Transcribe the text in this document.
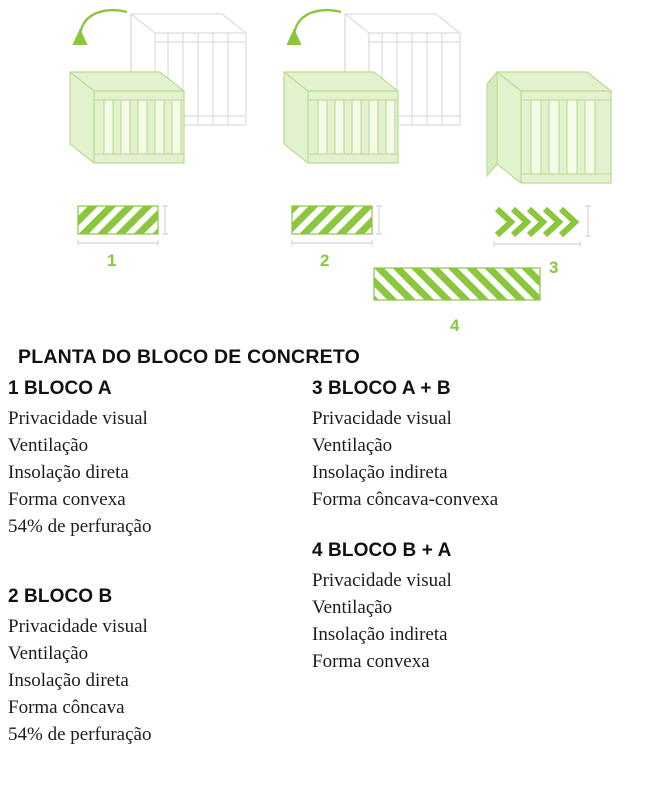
1	2	3
4
PLANTA DO BLOCO DE CONCRETO
1 BLOCO A
Privacidade visual
Ventilação
Insolação direta
Forma convexa
54% de perfuração
2 BLOCO B
Privacidade visual
Ventilação
Insolação direta
Forma côncava
54% de perfuração
3 BLOCO A + B
Privacidade visual
Ventilação
Insolação indireta
Forma côncava-convexa
4 BLOCO B + A
Privacidade visual
Ventilação
Insolação indireta
Forma convexa
